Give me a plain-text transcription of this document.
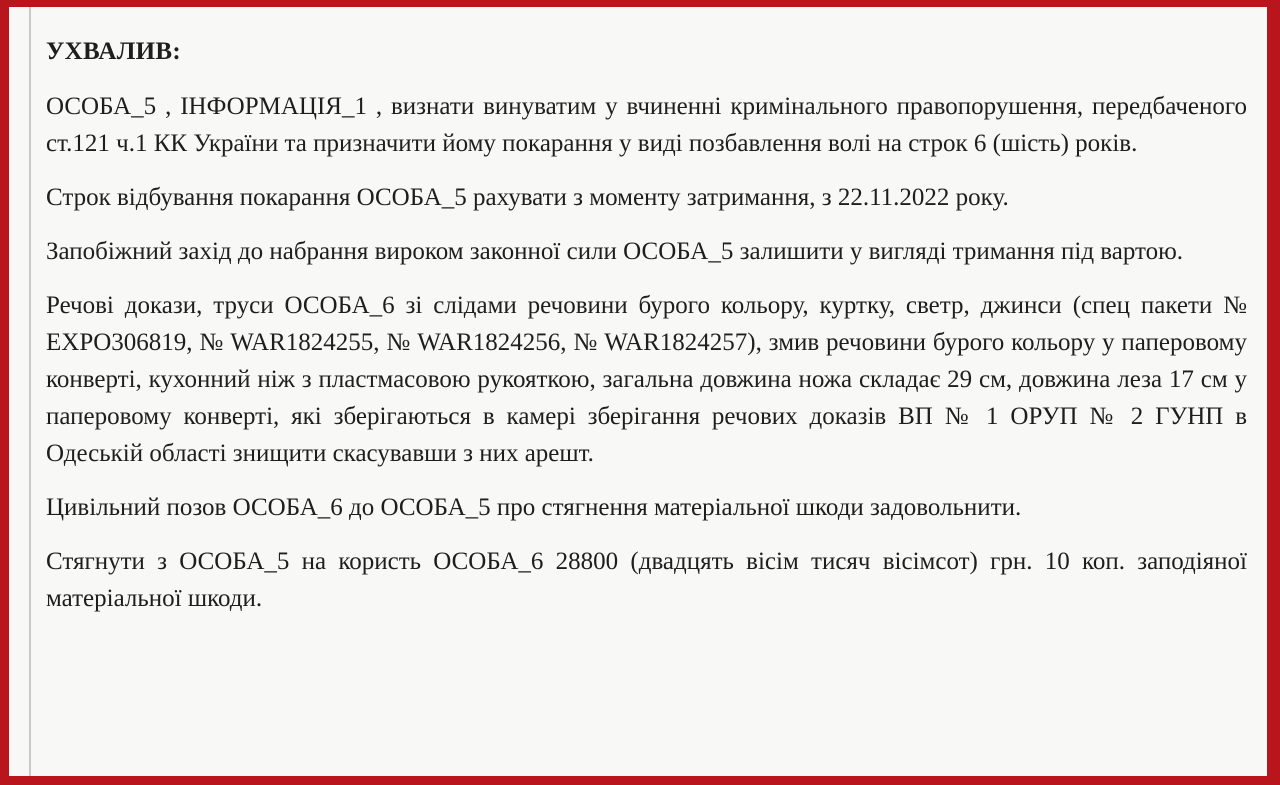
УХВАЛИВ:

ОСОБА_5 , ІНФОРМАЦІЯ_1 , визнати винуватим у вчиненні кримінального правопорушення, передбаченого ст.121 ч.1 КК України та призначити йому покарання у виді позбавлення волі на строк 6 (шість) років.

Строк відбування покарання ОСОБА_5 рахувати з моменту затримання, з 22.11.2022 року.

Запобіжний захід до набрання вироком законної сили ОСОБА_5 залишити у вигляді тримання під вартою.

Речові докази, труси ОСОБА_6 зі слідами речовини бурого кольору, куртку, светр, джинси (спец пакети № EXPO306819, № WAR1824255, № WAR1824256, № WAR1824257), змив речовини бурого кольору у паперовому конверті, кухонний ніж з пластмасовою рукояткою, загальна довжина ножа складає 29 см, довжина леза 17 см у паперовому конверті, які зберігаються в камері зберігання речових доказів ВП № 1 ОРУП № 2 ГУНП в Одеській області знищити скасувавши з них арешт.

Цивільний позов ОСОБА_6 до ОСОБА_5 про стягнення матеріальної шкоди задовольнити.

Стягнути з ОСОБА_5 на користь ОСОБА_6 28800 (двадцять вісім тисяч вісімсот) грн. 10 коп. заподіяної матеріальної шкоди.
